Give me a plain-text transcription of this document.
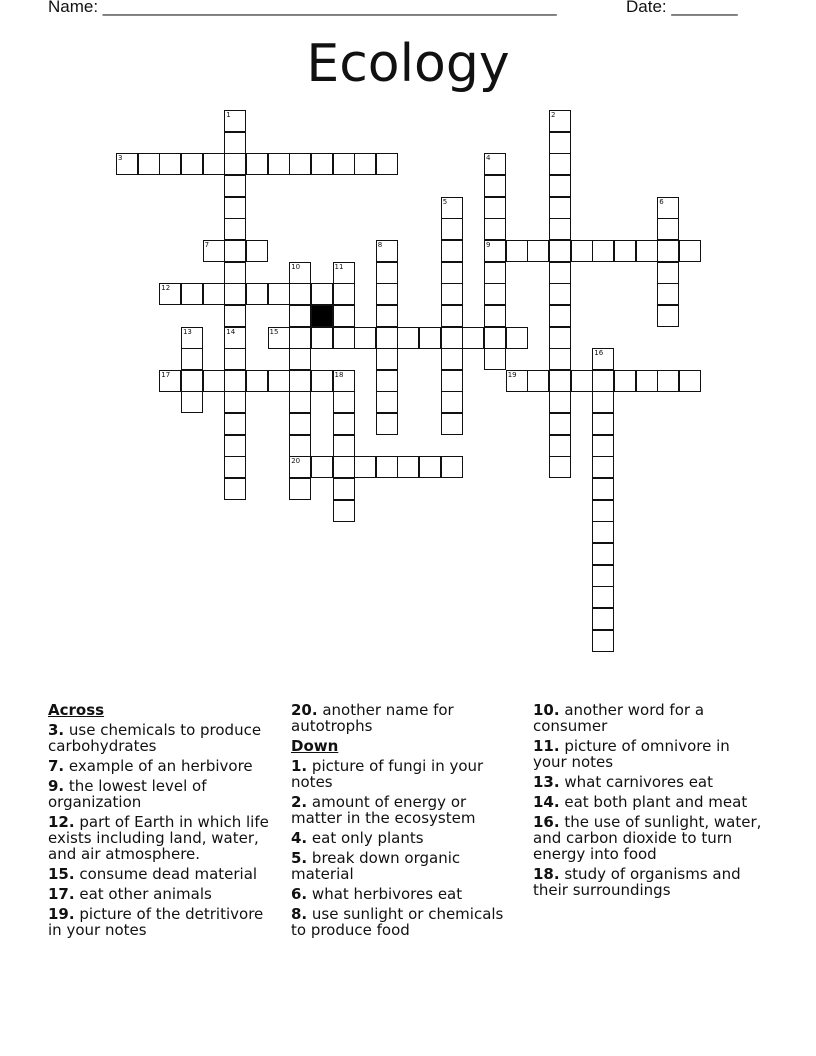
Name: ________________________________________________	Date: _______
Ecology
1
14
2
3	4
9
5	6
7	8
10
20
11
12
13	15
16
17	18	19
Across
3. use chemicals to produce carbohydrates
7. example of an herbivore
9. the lowest level of organization
12. part of Earth in which life exists including land, water, and air atmosphere.
15. consume dead material
17. eat other animals
19. picture of the detritivore in your notes
20. another name for autotrophs
Down
1. picture of fungi in your notes
2. amount of energy or matter in the ecosystem
4. eat only plants
5. break down organic material
6. what herbivores eat
8. use sunlight or chemicals to produce food
10. another word for a consumer
11. picture of omnivore in your notes
13. what carnivores eat
14. eat both plant and meat
16. the use of sunlight, water, and carbon dioxide to turn energy into food
18. study of organisms and their surroundings
